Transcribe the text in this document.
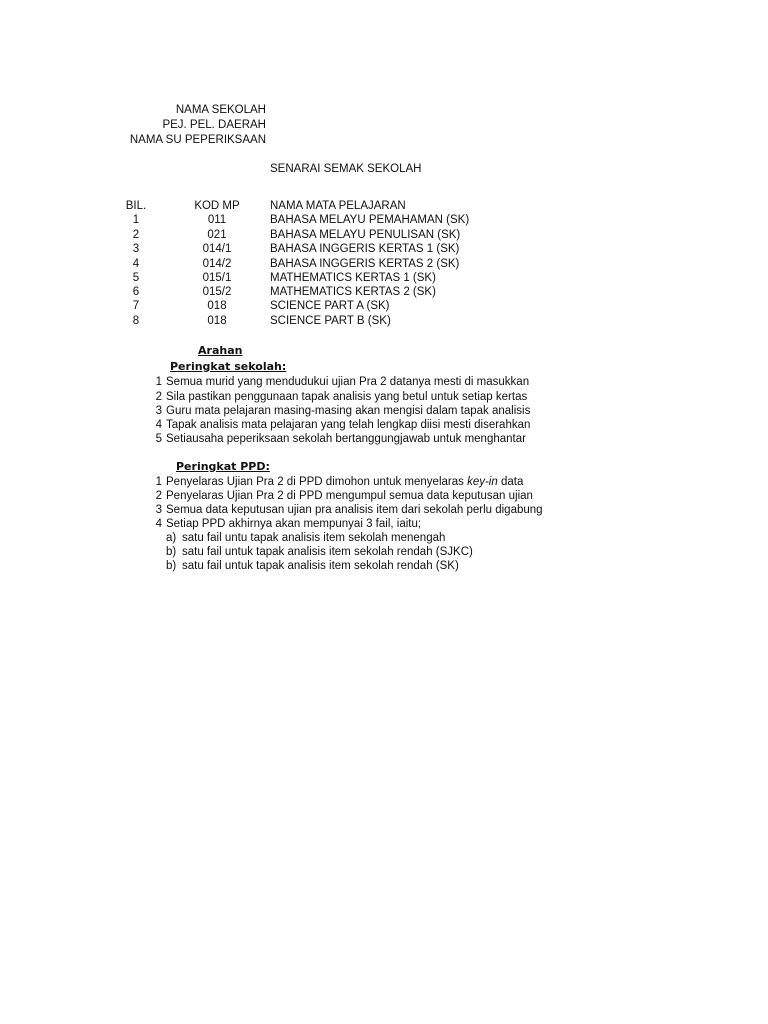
NAMA SEKOLAH
PEJ. PEL. DAERAH
NAMA SU PEPERIKSAAN
SENARAI SEMAK SEKOLAH
BIL.	KOD MP	NAMA MATA PELAJARAN
1	011	BAHASA MELAYU PEMAHAMAN (SK)
2	021	BAHASA MELAYU PENULISAN (SK)
3	014/1	BAHASA INGGERIS KERTAS 1 (SK)
4	014/2	BAHASA INGGERIS KERTAS 2 (SK)
5	015/1	MATHEMATICS KERTAS 1 (SK)
6	015/2	MATHEMATICS KERTAS 2 (SK)
7	018	SCIENCE PART A (SK)
8	018	SCIENCE PART B (SK)
Arahan
Peringkat sekolah:
1 Semua murid yang mendudukui ujian Pra 2 datanya mesti di masukkan
2 Sila pastikan penggunaan tapak analisis yang betul untuk setiap kertas
3 Guru mata pelajaran masing-masing akan mengisi dalam tapak analisis
4 Tapak analisis mata pelajaran yang telah lengkap diisi mesti diserahkan
5 Setiausaha peperiksaan sekolah bertanggungjawab untuk menghantar
Peringkat PPD:
1 Penyelaras Ujian Pra 2 di PPD dimohon untuk menyelaras key-in data
2 Penyelaras Ujian Pra 2 di PPD mengumpul semua data keputusan ujian
3 Semua data keputusan ujian pra analisis item dari sekolah perlu digabung
4 Setiap PPD akhirnya akan mempunyai 3 fail, iaitu;
a) satu fail untu tapak analisis item sekolah menengah
b) satu fail untuk tapak analisis item sekolah rendah (SJKC)
b) satu fail untuk tapak analisis item sekolah rendah (SK)
